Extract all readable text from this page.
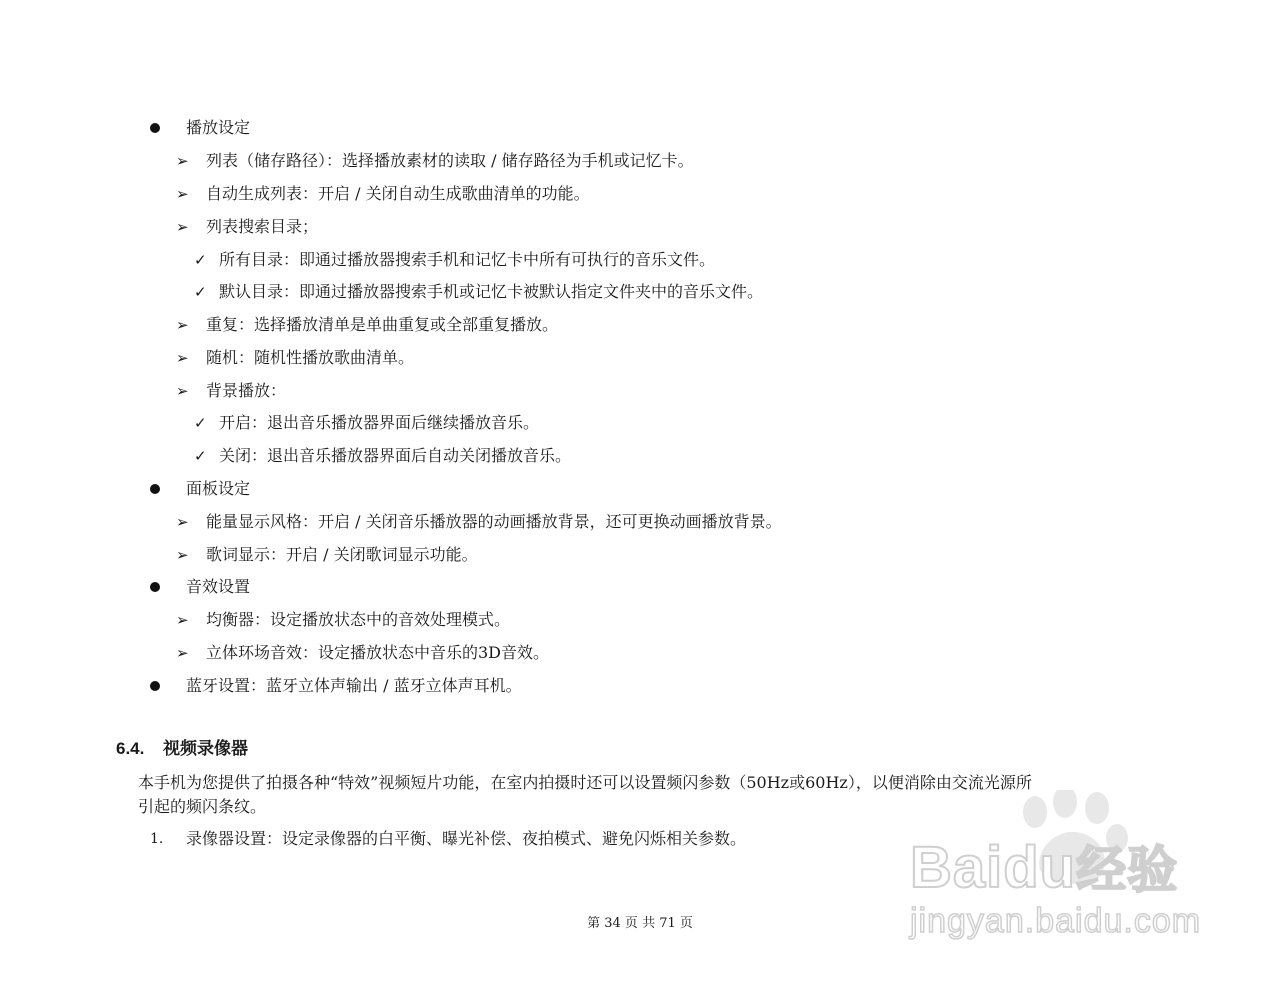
播放设定
➢ 列表（储存路径）：选择播放素材的读取 / 储存路径为手机或记忆卡。
➢ 自动生成列表：开启 / 关闭自动生成歌曲清单的功能。
➢ 列表搜索目录；
✓ 所有目录：即通过播放器搜索手机和记忆卡中所有可执行的音乐文件。
✓ 默认目录：即通过播放器搜索手机或记忆卡被默认指定文件夹中的音乐文件。
➢ 重复：选择播放清单是单曲重复或全部重复播放。
➢ 随机：随机性播放歌曲清单。
➢ 背景播放：
✓ 开启：退出音乐播放器界面后继续播放音乐。
✓ 关闭：退出音乐播放器界面后自动关闭播放音乐。
面板设定
➢ 能量显示风格：开启 / 关闭音乐播放器的动画播放背景，还可更换动画播放背景。
➢ 歌词显示：开启 / 关闭歌词显示功能。
音效设置
➢ 均衡器：设定播放状态中的音效处理模式。
➢ 立体环场音效：设定播放状态中音乐的3D音效。
蓝牙设置：蓝牙立体声输出 / 蓝牙立体声耳机。
6.4. 视频录像器
本手机为您提供了拍摄各种“特效”视频短片功能，在室内拍摄时还可以设置频闪参数（50Hz或60Hz），以便消除由交流光源所
引起的频闪条纹。
1. 录像器设置：设定录像器的白平衡、曝光补偿、夜拍模式、避免闪烁相关参数。
第 34 页 共 71 页
Baidu经验
jingyan.baidu.com
